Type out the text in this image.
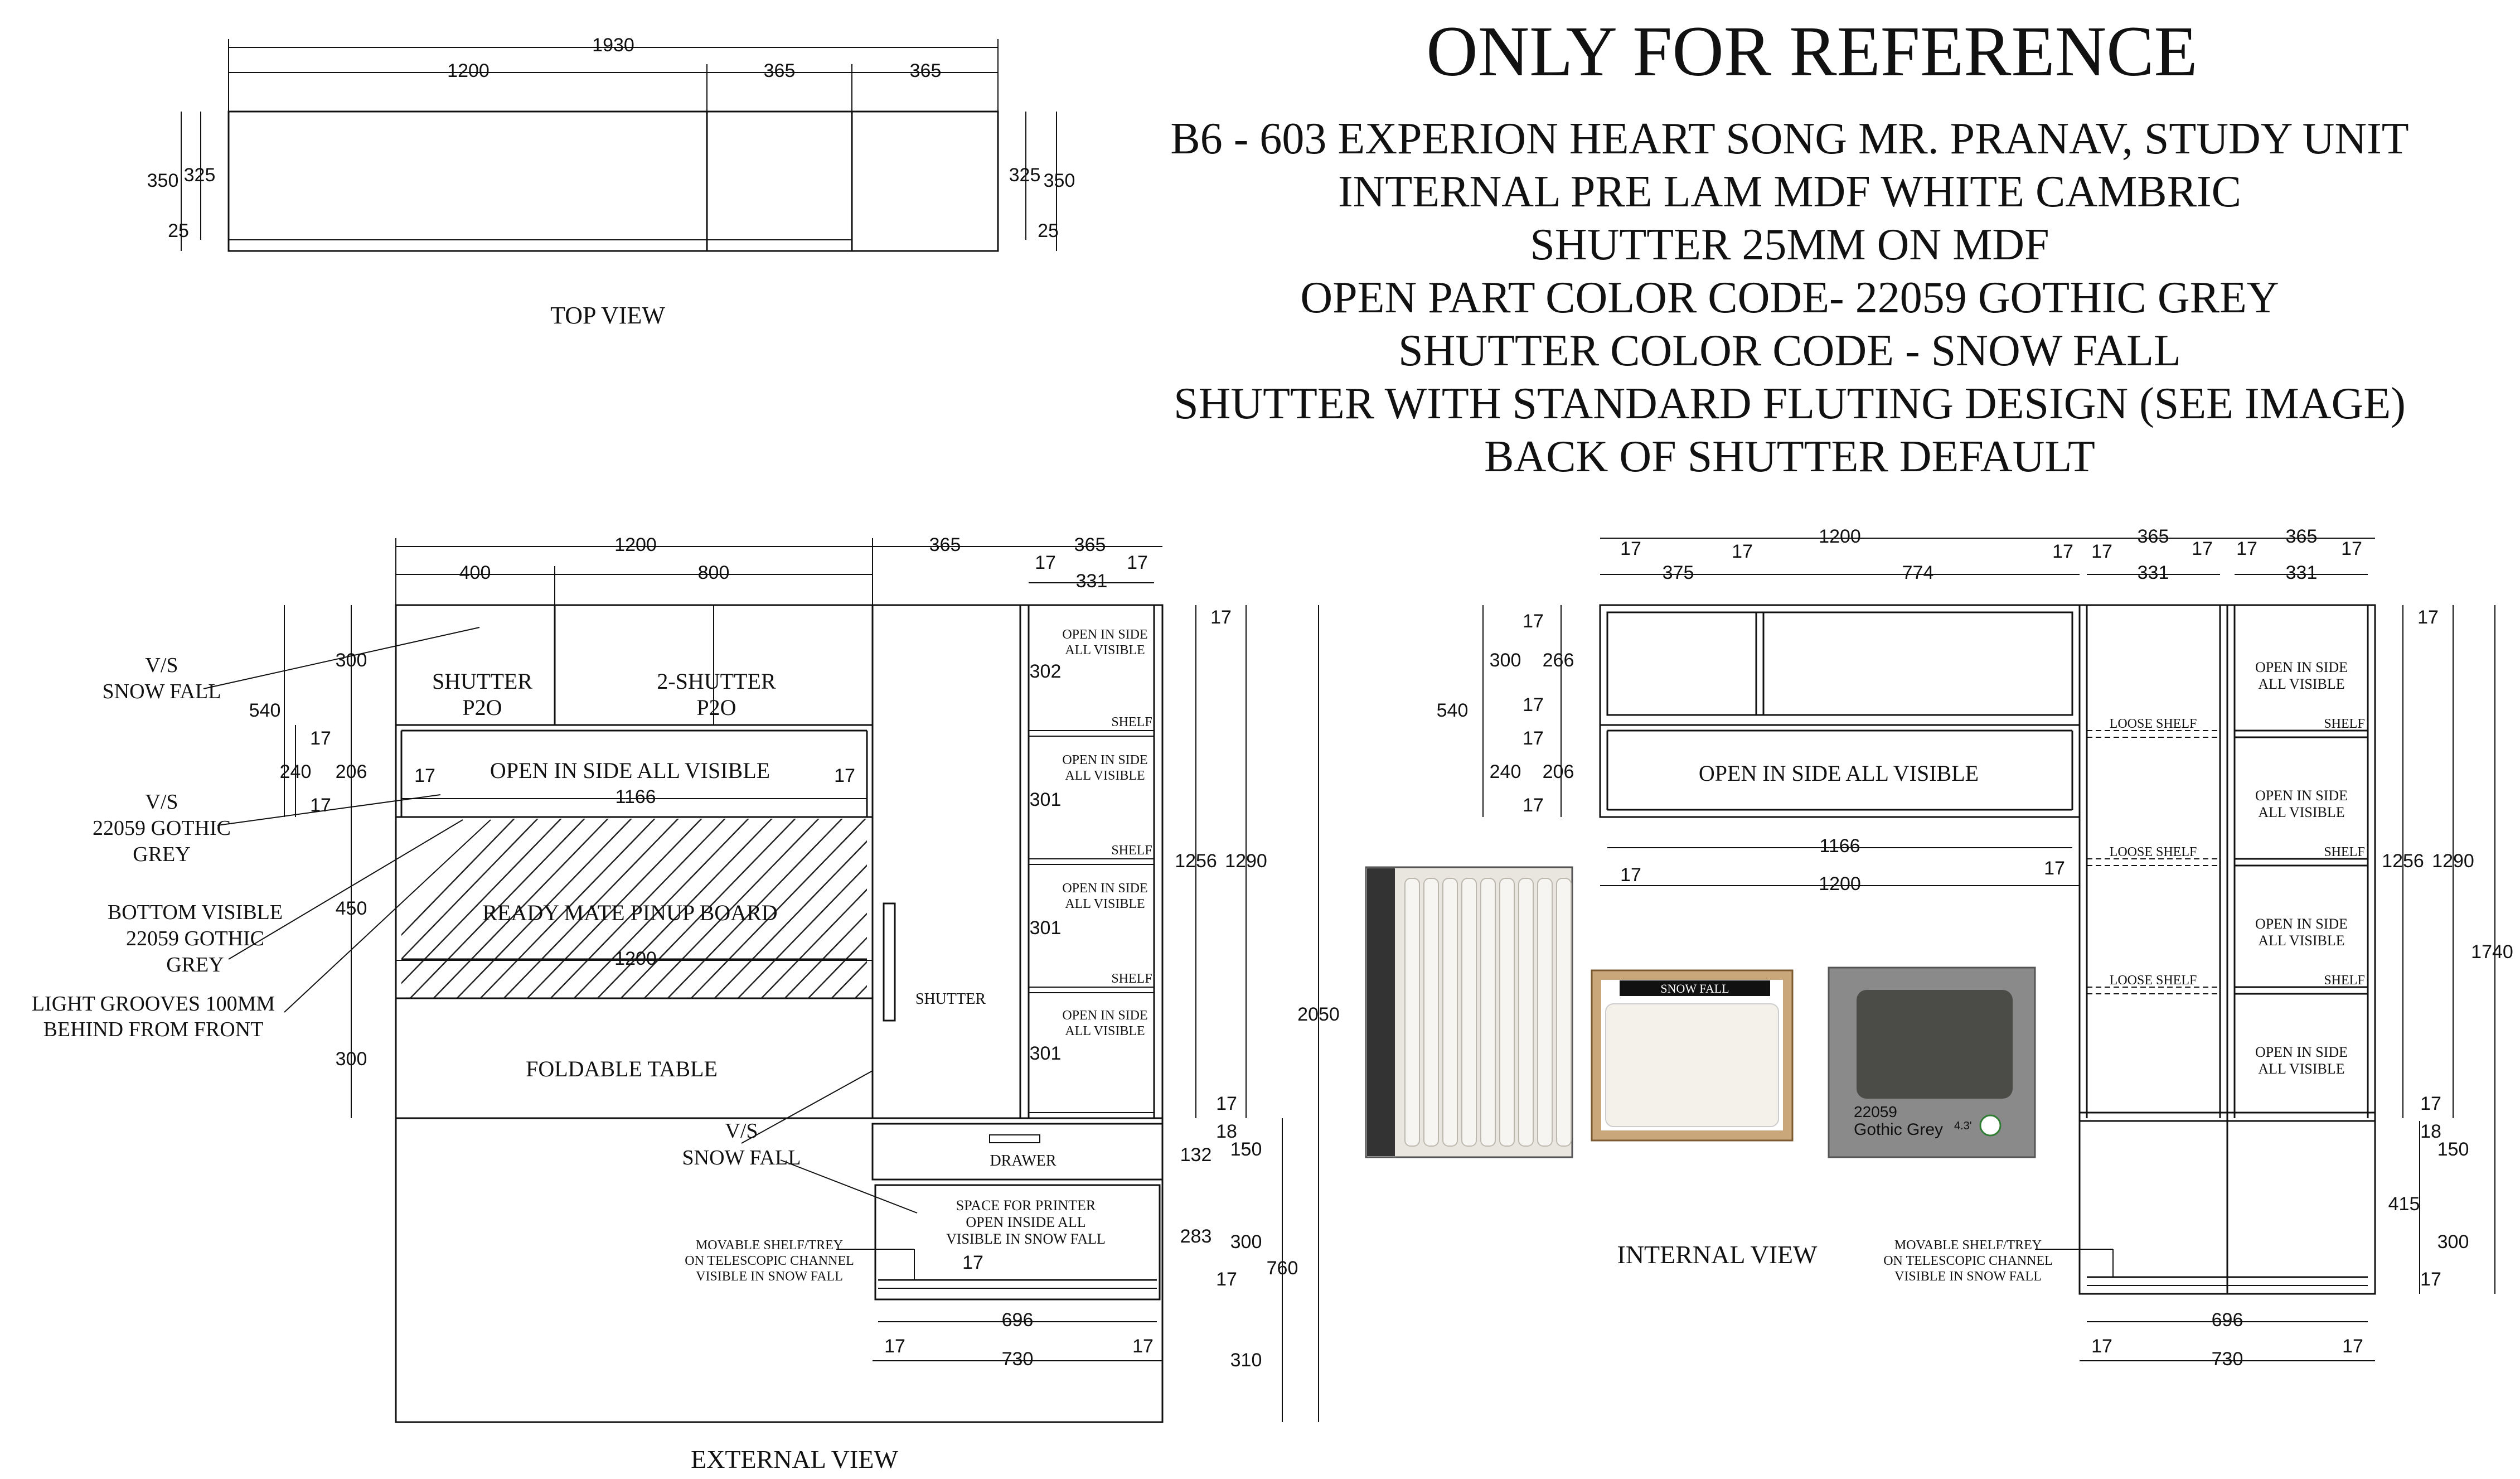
ONLY FOR REFERENCE
B6 - 603 EXPERION HEART SONG MR. PRANAV, STUDY UNIT
INTERNAL PRE LAM MDF WHITE CAMBRIC
SHUTTER 25MM ON MDF
OPEN PART COLOR CODE- 22059 GOTHIC GREY
SHUTTER COLOR CODE - SNOW FALL
SHUTTER WITH STANDARD FLUTING DESIGN (SEE IMAGE)
BACK OF SHUTTER DEFAULT
1930
1200	365	365
350 325
25
325 350
25
TOP VIEW
SHUTTER
P2O
2-SHUTTER
P2O
OPEN IN SIDE ALL VISIBLE
READY MATE PINUP BOARD
FOLDABLE TABLE
SHUTTER
DRAWER
SPACE FOR PRINTER
OPEN INSIDE ALL
VISIBLE IN SNOW FALL
MOVABLE SHELF/TREY
ON TELESCOPIC CHANNEL
VISIBLE IN SNOW FALL
OPEN IN SIDE
ALL VISIBLE
SHELF
OPEN IN SIDE
ALL VISIBLE
SHELF
OPEN IN SIDE
ALL VISIBLE
SHELF
OPEN IN SIDE
ALL VISIBLE
V/S
SNOW FALL
V/S
22059 GOTHIC
GREY
BOTTOM VISIBLE
22059 GOTHIC
GREY
LIGHT GROOVES 100MM
BEHIND FROM FRONT
V/S
SNOW FALL
1200	365	365
400	800	17	17
331
540
300
17
240 206
17
450
300
17	17
1166
1200
302
301
301
301
17
1256 1290
2050
17
18
132 150
283 300
17
760
310
17
696
17	17
730
EXTERNAL VIEW
SNOW FALL
22059
Gothic Grey 4.3'
OPEN IN SIDE ALL VISIBLE
LOOSE SHELF
LOOSE SHELF
LOOSE SHELF
SHELF
SHELF
SHELF
OPEN IN SIDE
ALL VISIBLE
OPEN IN SIDE
ALL VISIBLE
OPEN IN SIDE
ALL VISIBLE
OPEN IN SIDE
ALL VISIBLE
MOVABLE SHELF/TREY
ON TELESCOPIC CHANNEL
VISIBLE IN SNOW FALL
1200	365	365
17	17
375	774
17 17
331
17 17
331
17
540
300 266
17
17
17
240 206
17
1166
17	17
1200
17
1256 1290
1740
17
18
150
415
300
17
696
17	17
730
INTERNAL VIEW
